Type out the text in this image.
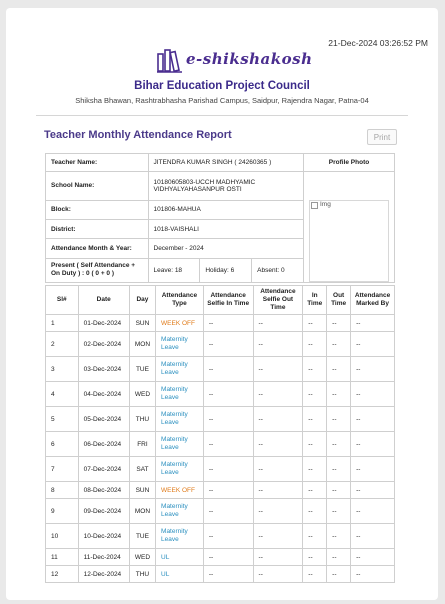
21-Dec-2024 03:26:52 PM
e-shikshakosh
Bihar Education Project Council
Shiksha Bhawan, Rashtrabhasha Parishad Campus, Saidpur, Rajendra Nagar, Patna-04
Teacher Monthly Attendance Report	Print
Teacher Name:	JITENDRA KUMAR SINGH ( 24260365 )			Profile Photo
School Name:	10180605803-UCCH MADHYAMIC VIDHYALYAHASANPUR OSTI			Img

Block:	101806-MAHUA			
District:	1018-VAISHALI			
Attendance Month & Year:	December - 2024			
Present ( Self Attendance + On Duty ) : 0 ( 0 + 0 )	Leave: 18	Holiday: 6	Absent: 0	
Sl#	Date	Day	Attendance Type	Attendance Selfie In Time	Attendance Selfie Out Time	In Time	Out Time	Attendance Marked By
1	01-Dec-2024	SUN	WEEK OFF	--	--	--	--	--
2	02-Dec-2024	MON	Maternity Leave	--	--	--	--	--
3	03-Dec-2024	TUE	Maternity Leave	--	--	--	--	--
4	04-Dec-2024	WED	Maternity Leave	--	--	--	--	--
5	05-Dec-2024	THU	Maternity Leave	--	--	--	--	--
6	06-Dec-2024	FRI	Maternity Leave	--	--	--	--	--
7	07-Dec-2024	SAT	Maternity Leave	--	--	--	--	--
8	08-Dec-2024	SUN	WEEK OFF	--	--	--	--	--
9	09-Dec-2024	MON	Maternity Leave	--	--	--	--	--
10	10-Dec-2024	TUE	Maternity Leave	--	--	--	--	--
11	11-Dec-2024	WED	UL	--	--	--	--	--
12	12-Dec-2024	THU	UL	--	--	--	--	--
